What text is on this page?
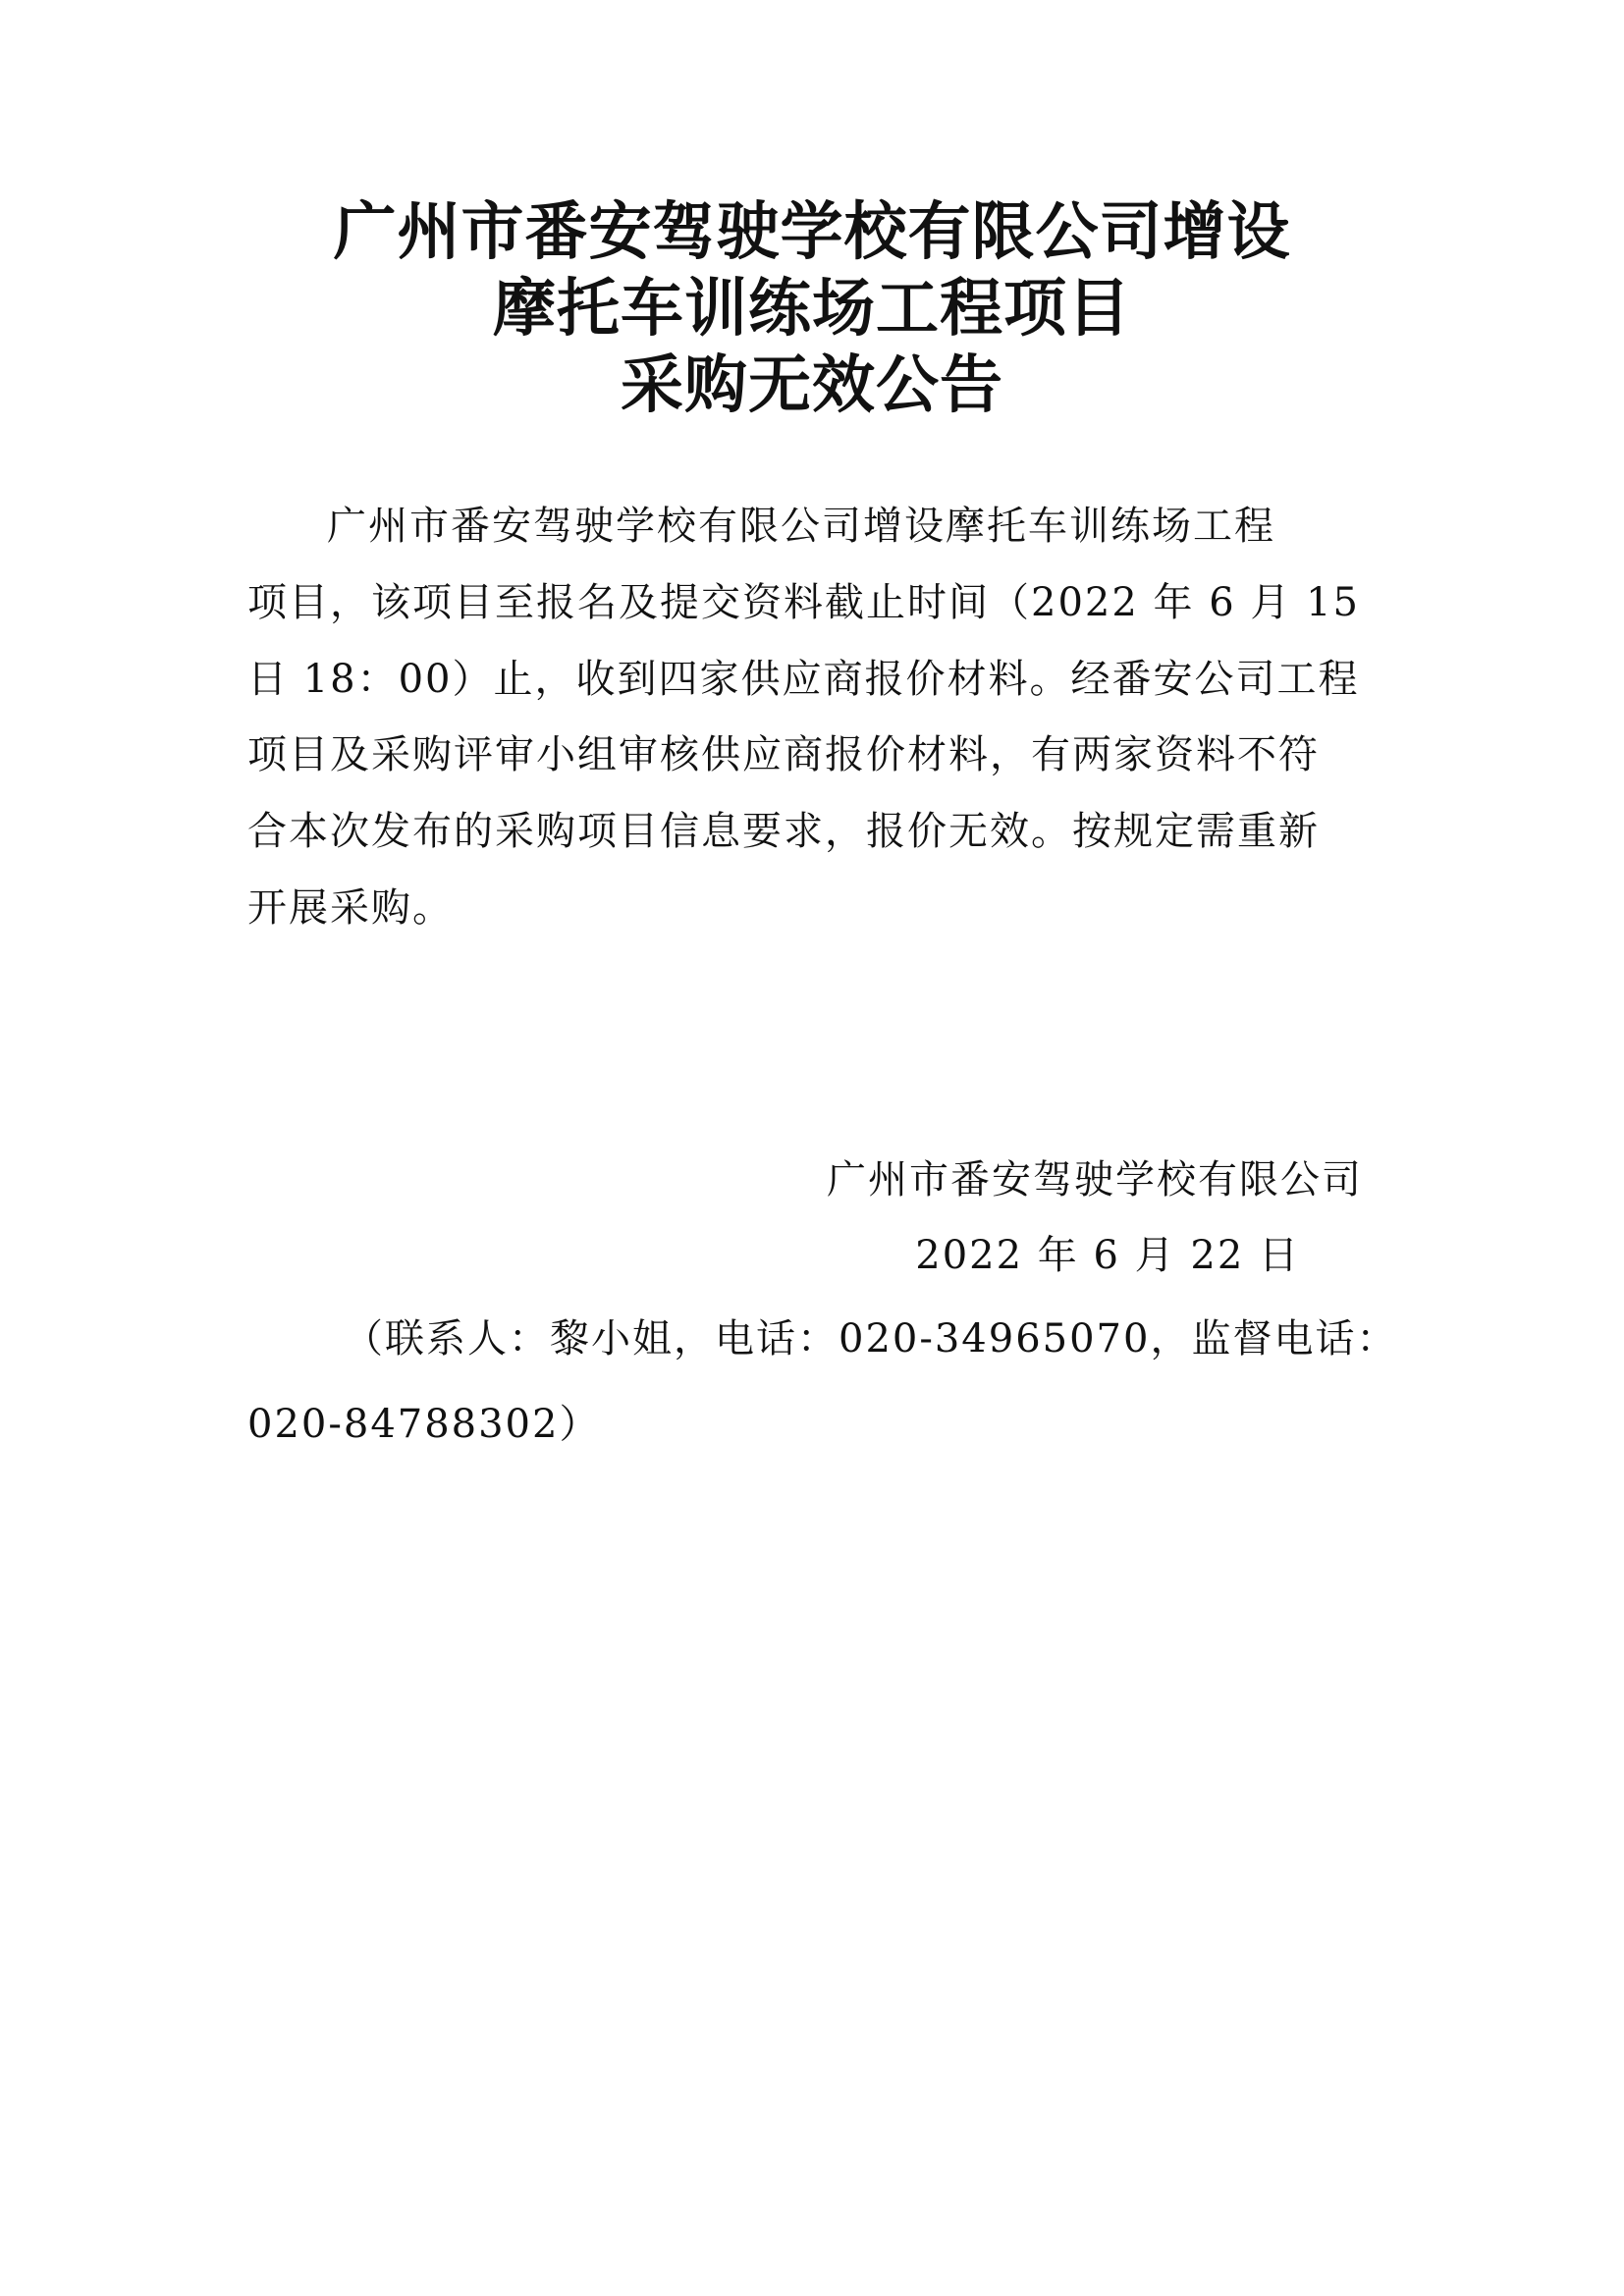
广州市番安驾驶学校有限公司增设
摩托车训练场工程项目
采购无效公告
广州市番安驾驶学校有限公司增设摩托车训练场工程
项目，该项目至报名及提交资料截止时间（2022 年 6 月 15
日 18：00）止，收到四家供应商报价材料。经番安公司工程
项目及采购评审小组审核供应商报价材料，有两家资料不符
合本次发布的采购项目信息要求，报价无效。按规定需重新
开展采购。
广州市番安驾驶学校有限公司
2022 年 6 月 22 日
（联系人：黎小姐，电话：020-34965070，监督电话：
020-84788302）
